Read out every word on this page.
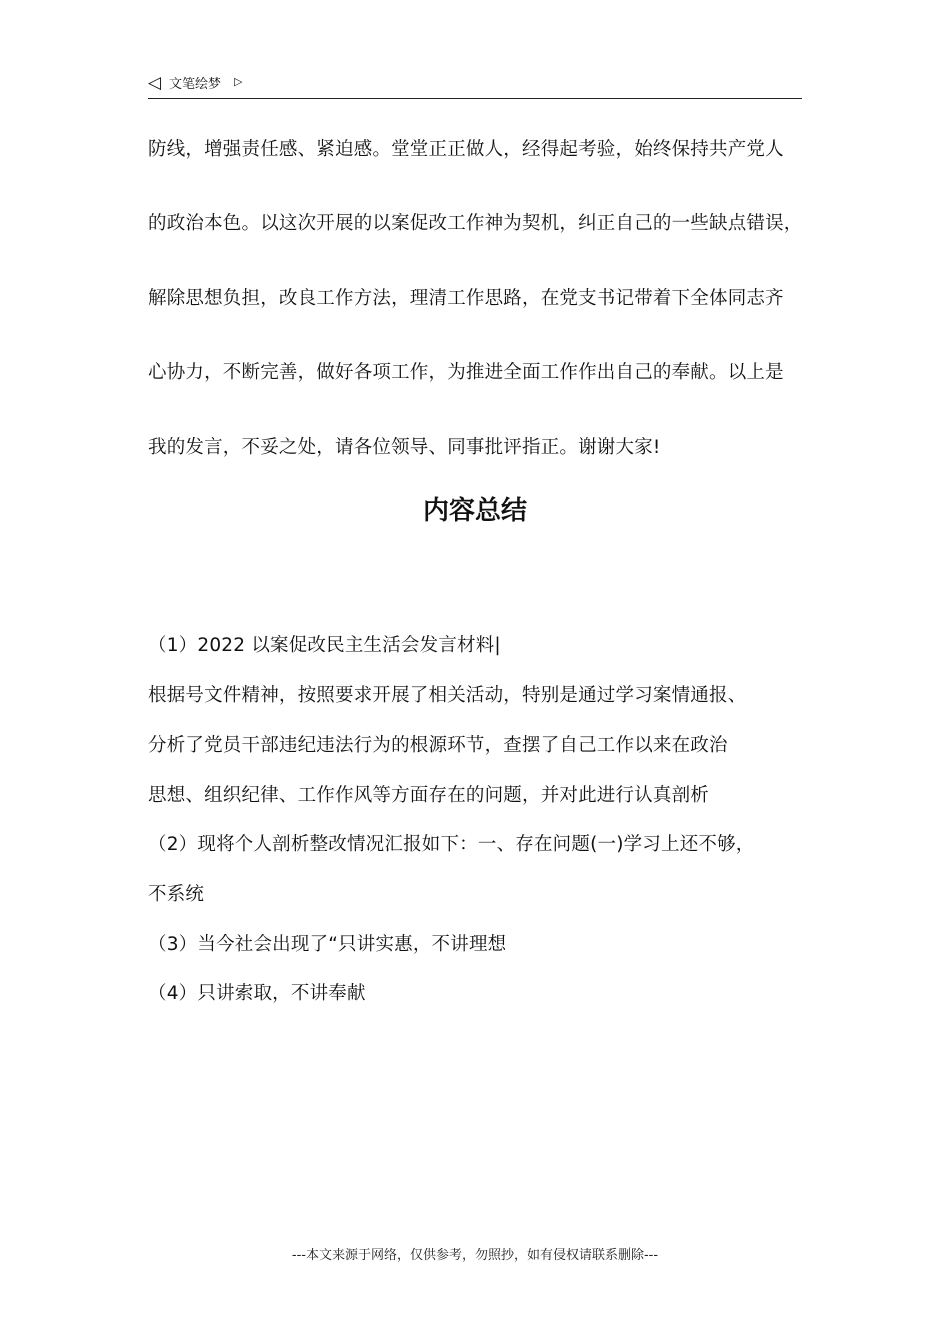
◁ 文笔绘梦 ▷
防线，增强责任感、紧迫感。堂堂正正做人，经得起考验，始终保持共产党人
的政治本色。以这次开展的以案促改工作神为契机，纠正自己的一些缺点错误，
解除思想负担，改良工作方法，理清工作思路，在党支书记带着下全体同志齐
心协力，不断完善，做好各项工作，为推进全面工作作出自己的奉献。以上是
我的发言，不妥之处，请各位领导、同事批评指正。谢谢大家!
内容总结
（1）2022 以案促改民主生活会发言材料|
根据号文件精神，按照要求开展了相关活动，特别是通过学习案情通报、
分析了党员干部违纪违法行为的根源环节，查摆了自己工作以来在政治
思想、组织纪律、工作作风等方面存在的问题，并对此进行认真剖析
（2）现将个人剖析整改情况汇报如下：一、存在问题(一)学习上还不够，
不系统
（3）当今社会出现了“只讲实惠，不讲理想
（4）只讲索取，不讲奉献
---本文来源于网络，仅供参考，勿照抄，如有侵权请联系删除---
